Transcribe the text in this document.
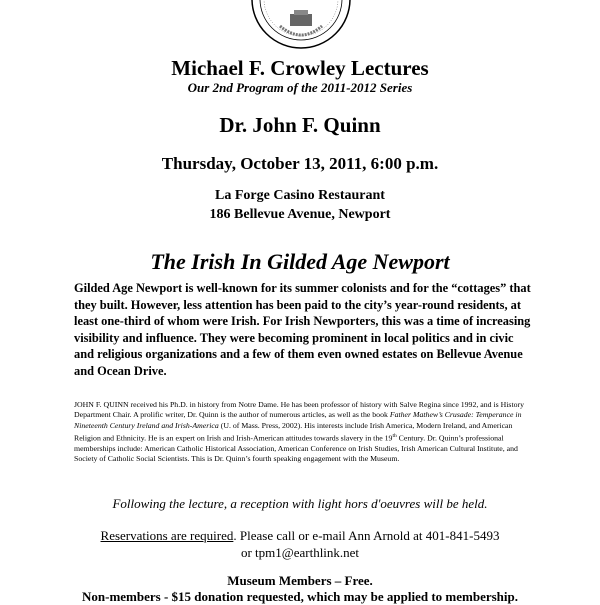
Michael F. Crowley Lectures
Our 2nd Program of the 2011-2012 Series
Dr. John F. Quinn
Thursday, October 13, 2011, 6:00 p.m.
La Forge Casino Restaurant
186 Bellevue Avenue, Newport
The Irish In Gilded Age Newport
Gilded Age Newport is well-known for its summer colonists and for the “cottages” that they built. However, less attention has been paid to the city’s year-round residents, at least one-third of whom were Irish. For Irish Newporters, this was a time of increasing visibility and influence. They were becoming prominent in local politics and in civic and religious organizations and a few of them even owned estates on Bellevue Avenue and Ocean Drive.
JOHN F. QUINN received his Ph.D. in history from Notre Dame. He has been professor of history with Salve Regina since 1992, and is History Department Chair. A prolific writer, Dr. Quinn is the author of numerous articles, as well as the book Father Mathew’s Crusade: Temperance in Nineteenth Century Ireland and Irish-America (U. of Mass. Press, 2002). His interests include Irish America, Modern Ireland, and American Religion and Ethnicity. He is an expert on Irish and Irish-American attitudes towards slavery in the 19th Century. Dr. Quinn’s professional memberships include: American Catholic Historical Association, American Conference on Irish Studies, Irish American Cultural Institute, and Society of Catholic Social Scientists. This is Dr. Quinn’s fourth speaking engagement with the Museum.
Following the lecture, a reception with light hors d'oeuvres will be held.
Reservations are required. Please call or e-mail Ann Arnold at 401-841-5493
or tpm1@earthlink.net
Museum Members – Free.
Non-members - $15 donation requested, which may be applied to membership.
